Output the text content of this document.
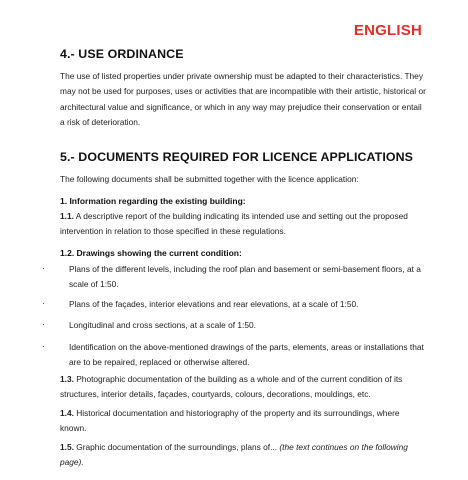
ENGLISH
4.- USE ORDINANCE
The use of listed properties under private ownership must be adapted to their characteristics. They may not be used for purposes, uses or activities that are incompatible with their artistic, historical or architectural value and significance, or which in any way may prejudice their conservation or entail a risk of deterioration.
5.- DOCUMENTS REQUIRED FOR LICENCE APPLICATIONS
The following documents shall be submitted together with the licence application:
1. Information regarding the existing building:
1.1. A descriptive report of the building indicating its intended use and setting out the proposed intervention in relation to those specified in these regulations.
1.2. Drawings showing the current condition:
·	Plans of the different levels, including the roof plan and basement or semi-basement floors, at a scale of 1:50.
·	Plans of the façades, interior elevations and rear elevations, at a scale of 1:50.
·	Longitudinal and cross sections, at a scale of 1:50.
·	Identification on the above-mentioned drawings of the parts, elements, areas or installations that are to be repaired, replaced or otherwise altered.
1.3. Photographic documentation of the building as a whole and of the current condition of its structures, interior details, façades, courtyards, colours, decorations, mouldings, etc.
1.4. Historical documentation and historiography of the property and its surroundings, where known.
1.5. Graphic documentation of the surroundings, plans of... (the text continues on the following page).
